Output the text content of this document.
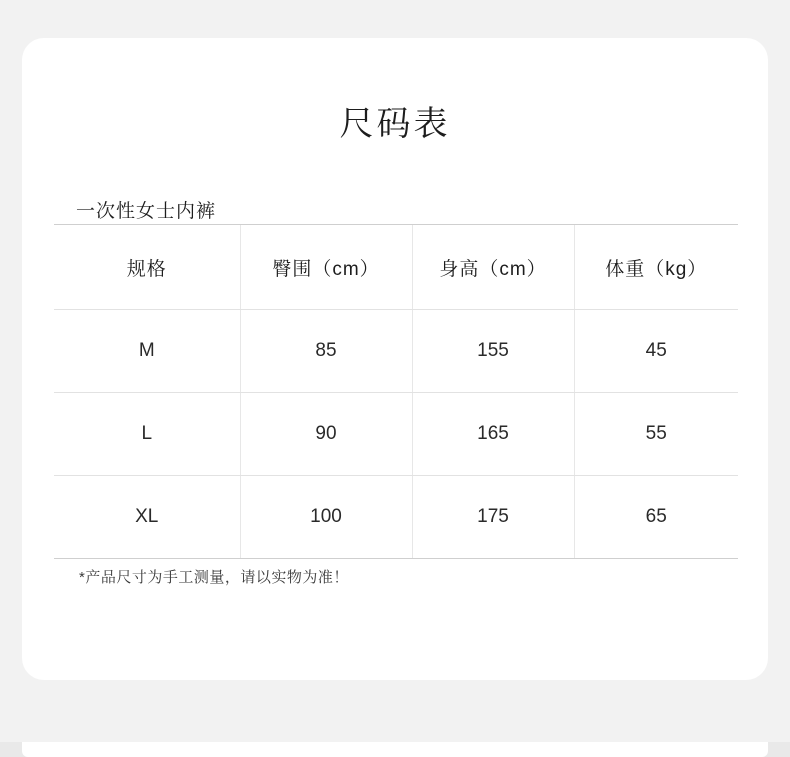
尺码表
一次性女士内裤
规格	臀围（cm）	身高（cm）	体重（kg）
M	85	155	45
L	90	165	55
XL	100	175	65
*产品尺寸为手工测量，请以实物为准！
